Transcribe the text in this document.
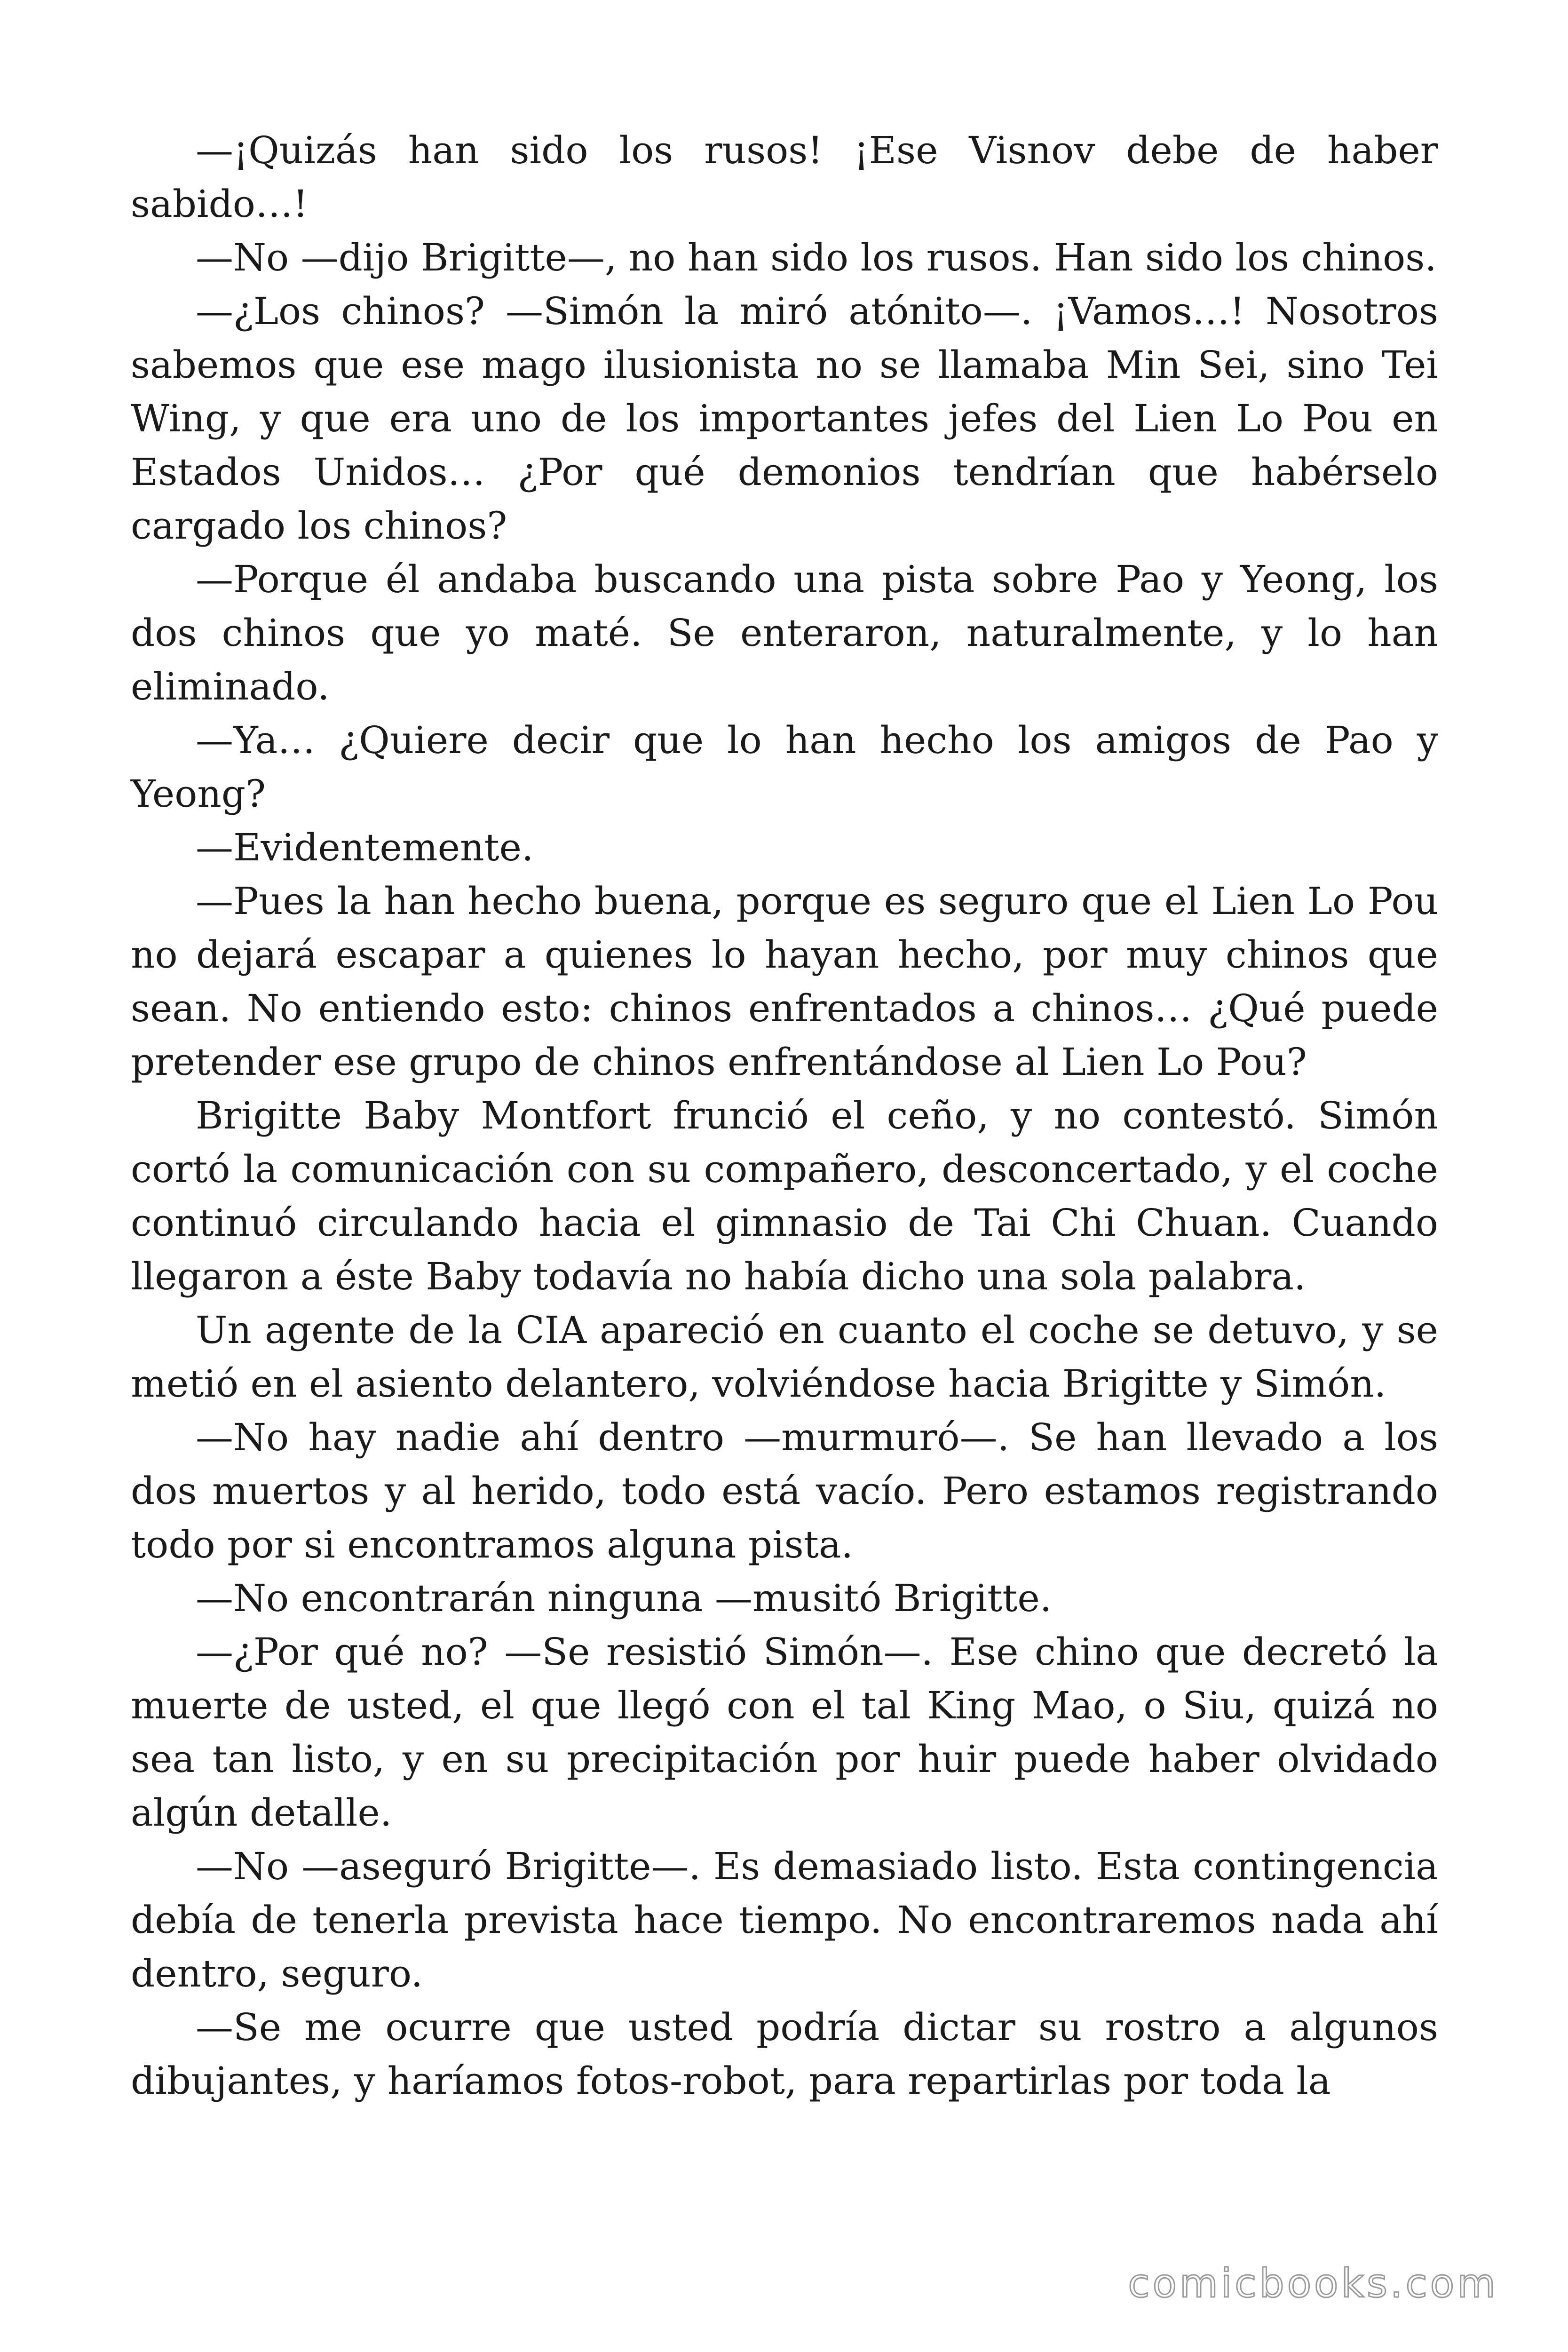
—¡Quizás han sido los rusos! ¡Ese Visnov debe de haber sabido…!

—No —dijo Brigitte—, no han sido los rusos. Han sido los chinos.

—¿Los chinos? —Simón la miró atónito—. ¡Vamos…! Nosotros sabemos que ese mago ilusionista no se llamaba Min Sei, sino Tei Wing, y que era uno de los importantes jefes del Lien Lo Pou en Estados Unidos… ¿Por qué demonios tendrían que habérselo cargado los chinos?

—Porque él andaba buscando una pista sobre Pao y Yeong, los dos chinos que yo maté. Se enteraron, naturalmente, y lo han eliminado.

—Ya… ¿Quiere decir que lo han hecho los amigos de Pao y Yeong?

—Evidentemente.

—Pues la han hecho buena, porque es seguro que el Lien Lo Pou no dejará escapar a quienes lo hayan hecho, por muy chinos que sean. No entiendo esto: chinos enfrentados a chinos… ¿Qué puede pretender ese grupo de chinos enfrentándose al Lien Lo Pou?

Brigitte Baby Montfort frunció el ceño, y no contestó. Simón cortó la comunicación con su compañero, desconcertado, y el coche continuó circulando hacia el gimnasio de Tai Chi Chuan. Cuando llegaron a éste Baby todavía no había dicho una sola palabra.

Un agente de la CIA apareció en cuanto el coche se detuvo, y se metió en el asiento delantero, volviéndose hacia Brigitte y Simón.

—No hay nadie ahí dentro —murmuró—. Se han llevado a los dos muertos y al herido, todo está vacío. Pero estamos registrando todo por si encontramos alguna pista.

—No encontrarán ninguna —musitó Brigitte.

—¿Por qué no? —Se resistió Simón—. Ese chino que decretó la muerte de usted, el que llegó con el tal King Mao, o Siu, quizá no sea tan listo, y en su precipitación por huir puede haber olvidado algún detalle.

—No —aseguró Brigitte—. Es demasiado listo. Esta contingencia debía de tenerla prevista hace tiempo. No encontraremos nada ahí dentro, seguro.

—Se me ocurre que usted podría dictar su rostro a algunos dibujantes, y haríamos fotos-robot, para repartirlas por toda la

comicbooks.com
